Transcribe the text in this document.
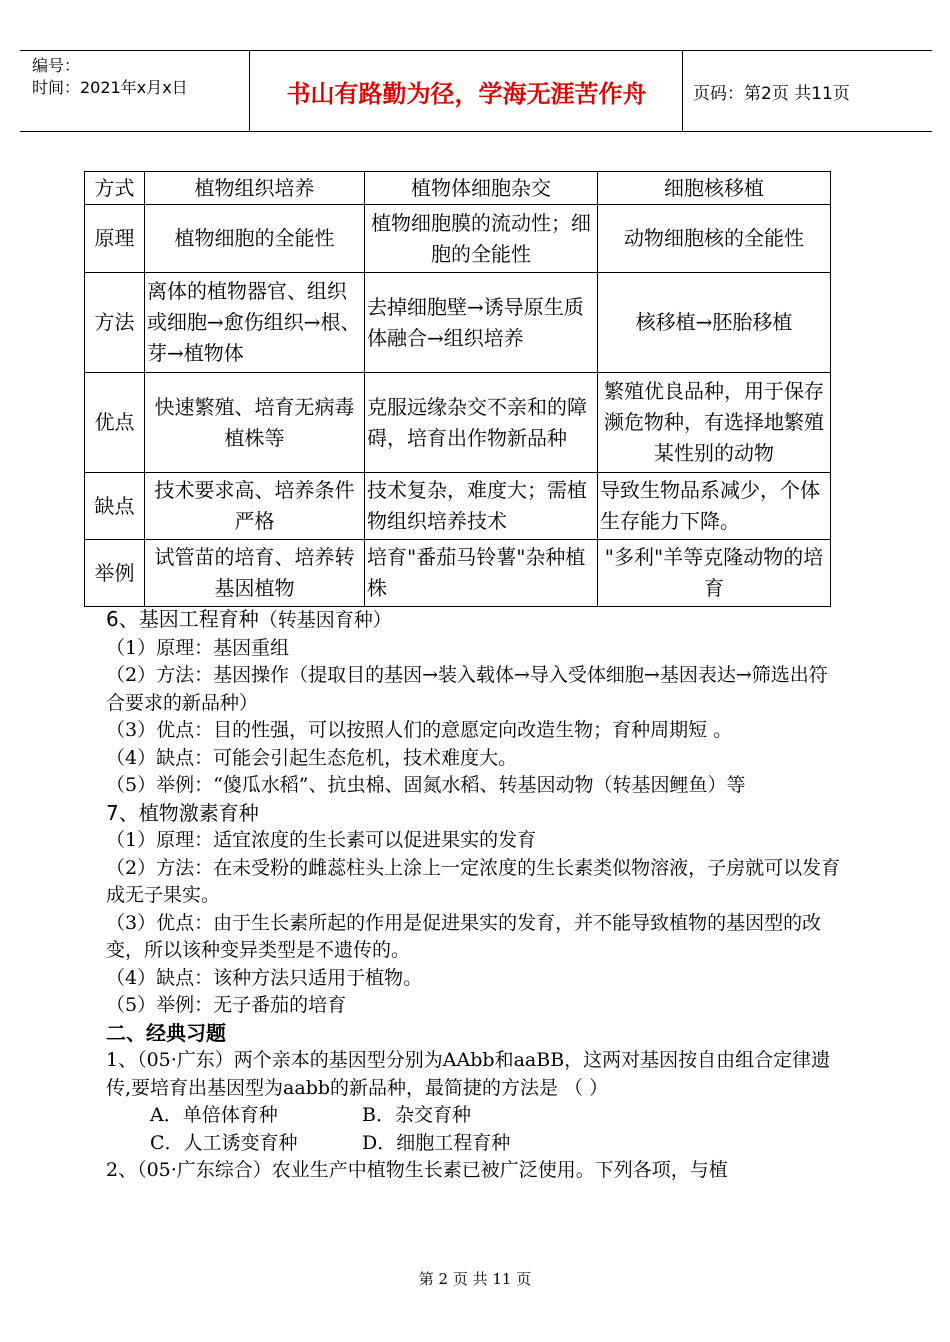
编号：
时间：2021年x月x日	书山有路勤为径，学海无涯苦作舟	页码：第2页 共11页
方式	植物组织培养	植物体细胞杂交	细胞核移植
原理	植物细胞的全能性	植物细胞膜的流动性；细胞的全能性	动物细胞核的全能性
方法	离体的植物器官、组织或细胞→愈伤组织→根、芽→植物体	去掉细胞壁→诱导原生质体融合→组织培养	核移植→胚胎移植
优点	快速繁殖、培育无病毒植株等	克服远缘杂交不亲和的障碍，培育出作物新品种	繁殖优良品种，用于保存濒危物种，有选择地繁殖某性别的动物
缺点	技术要求高、培养条件严格	技术复杂，难度大；需植物组织培养技术	导致生物品系减少，个体生存能力下降。
举例	试管苗的培育、培养转基因植物	培育"番茄马铃薯"杂种植株	"多利"羊等克隆动物的培育

6、基因工程育种（转基因育种）

（1）原理：基因重组

（2）方法：基因操作（提取目的基因→装入载体→导入受体细胞→基因表达→筛选出符合要求的新品种）

（3）优点：目的性强，可以按照人们的意愿定向改造生物；育种周期短 。

（4）缺点：可能会引起生态危机，技术难度大。

（5）举例：“傻瓜水稻”、抗虫棉、固氮水稻、转基因动物（转基因鲤鱼）等

7、植物激素育种

（1）原理：适宜浓度的生长素可以促进果实的发育

（2）方法：在未受粉的雌蕊柱头上涂上一定浓度的生长素类似物溶液，子房就可以发育成无子果实。

（3）优点：由于生长素所起的作用是促进果实的发育，并不能导致植物的基因型的改变，所以该种变异类型是不遗传的。

（4）缺点：该种方法只适用于植物。

（5）举例：无子番茄的培育

二、经典习题

1、（05·广东）两个亲本的基因型分别为AAbb和aaBB，这两对基因按自由组合定律遗传,要培育出基因型为aabb的新品种，最简捷的方法是 （ ）

A．单倍体育种	B．杂交育种

C．人工诱变育种	D．细胞工程育种

2、（05·广东综合）农业生产中植物生长素已被广泛使用。下列各项，与植

第 2 页 共 11 页
